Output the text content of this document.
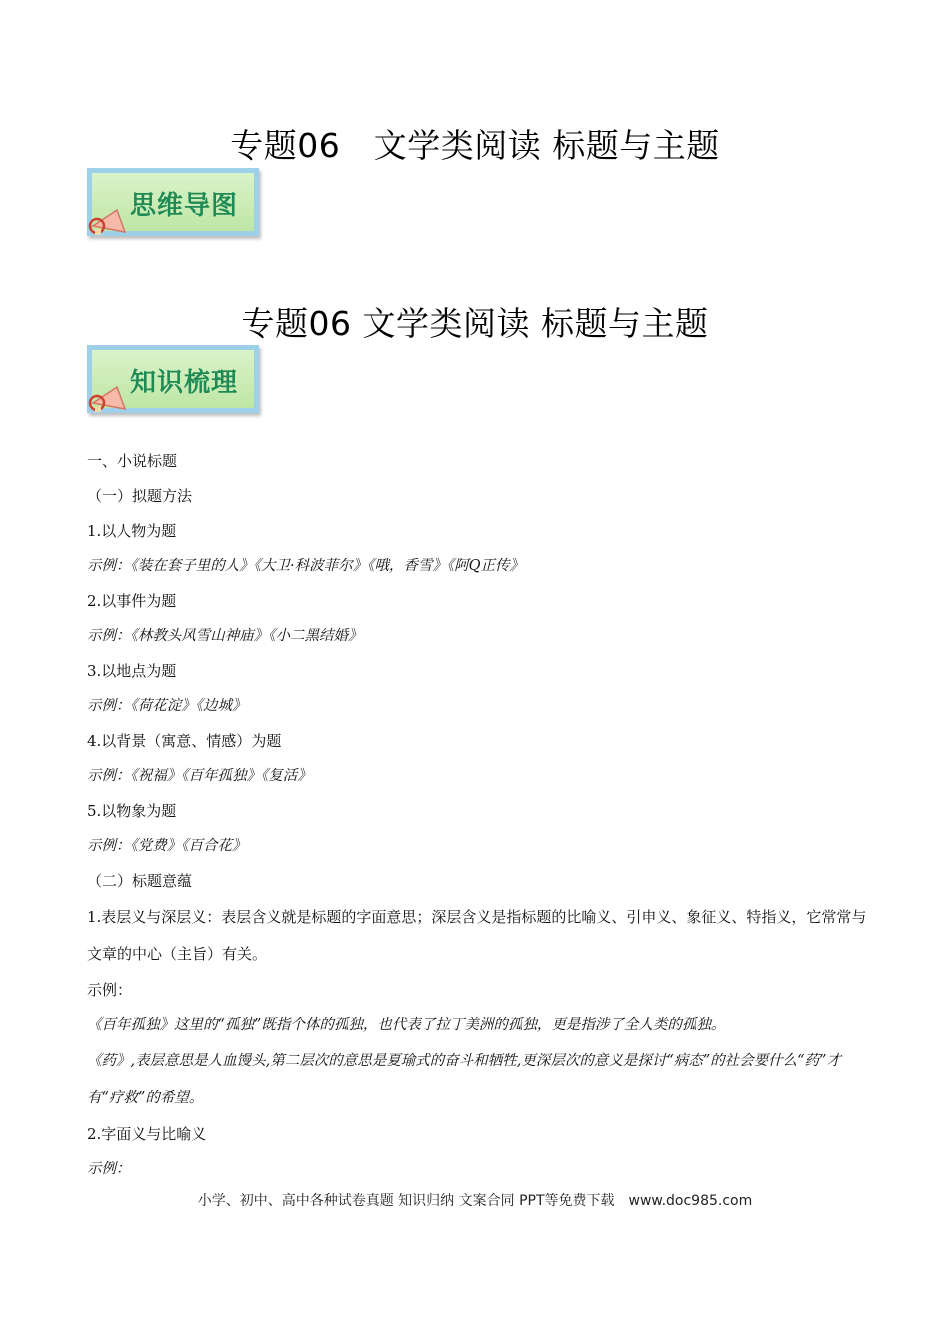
专题06　文学类阅读 标题与主题
思维导图
专题06 文学类阅读 标题与主题
知识梳理
一、小说标题
（一）拟题方法
1.以人物为题
示例：《装在套子里的人》《大卫·科波菲尔》《哦，香雪》《阿Q正传》
2.以事件为题
示例：《林教头风雪山神庙》《小二黑结婚》
3.以地点为题
示例：《荷花淀》《边城》
4.以背景（寓意、情感）为题
示例：《祝福》《百年孤独》《复活》
5.以物象为题
示例：《党费》《百合花》
（二）标题意蕴
1.表层义与深层义：表层含义就是标题的字面意思；深层含义是指标题的比喻义、引申义、象征义、特指义，它常常与文章的中心（主旨）有关。
示例：
《百年孤独》这里的“孤独”既指个体的孤独，也代表了拉丁美洲的孤独，更是指涉了全人类的孤独。
《药》,表层意思是人血馒头,第二层次的意思是夏瑜式的奋斗和牺牲,更深层次的意义是探讨“病态”的社会要什么“药”才有“疗救”的希望。
2.字面义与比喻义
示例：
小学、初中、高中各种试卷真题 知识归纳 文案合同 PPT等免费下载　www.doc985.com
